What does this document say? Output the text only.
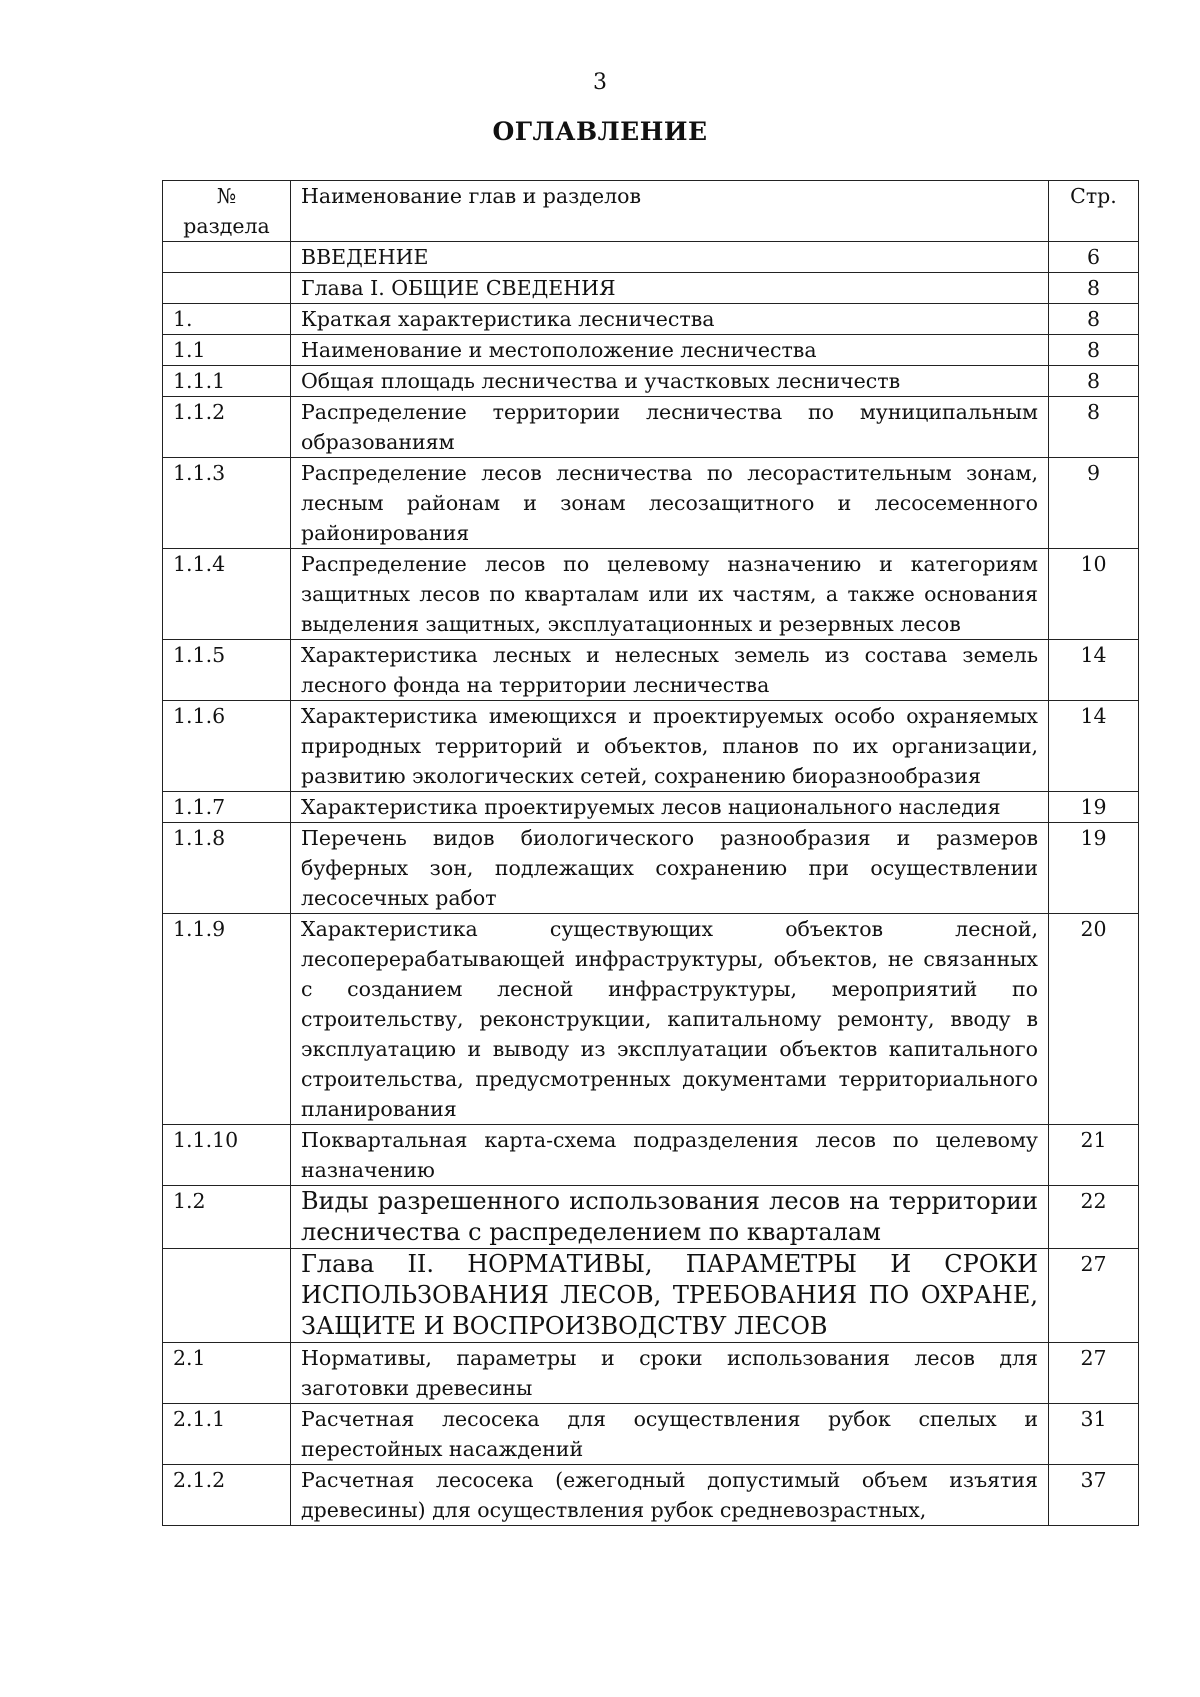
3
ОГЛАВЛЕНИЕ
№
раздела	Наименование глав и разделов	Стр.
	ВВЕДЕНИЕ	6
	Глава I. ОБЩИЕ СВЕДЕНИЯ	8
1.	Краткая характеристика лесничества	8
1.1	Наименование и местоположение лесничества	8
1.1.1	Общая площадь лесничества и участковых лесничеств	8
1.1.2	Распределение территории лесничества по муниципальным образованиям	8
1.1.3	Распределение лесов лесничества по лесорастительным зонам, лесным районам и зонам лесозащитного и лесосеменного районирования	9
1.1.4	Распределение лесов по целевому назначению и категориям защитных лесов по кварталам или их частям, а также основания выделения защитных, эксплуатационных и резервных лесов	10
1.1.5	Характеристика лесных и нелесных земель из состава земель лесного фонда на территории лесничества	14
1.1.6	Характеристика имеющихся и проектируемых особо охраняемых природных территорий и объектов, планов по их организации, развитию экологических сетей, сохранению биоразнообразия	14
1.1.7	Характеристика проектируемых лесов национального наследия	19
1.1.8	Перечень видов биологического разнообразия и размеров буферных зон, подлежащих сохранению при осуществлении лесосечных работ	19
1.1.9	Характеристика существующих объектов лесной, лесоперерабатывающей инфраструктуры, объектов, не связанных с созданием лесной инфраструктуры, мероприятий по строительству, реконструкции, капитальному ремонту, вводу в эксплуатацию и выводу из эксплуатации объектов капитального строительства, предусмотренных документами территориального планирования	20
1.1.10	Поквартальная карта-схема подразделения лесов по целевому назначению	21
1.2	Виды разрешенного использования лесов на территории лесничества с распределением по кварталам	22
	Глава II. НОРМАТИВЫ, ПАРАМЕТРЫ И СРОКИ ИСПОЛЬЗОВАНИЯ ЛЕСОВ, ТРЕБОВАНИЯ ПО ОХРАНЕ, ЗАЩИТЕ И ВОСПРОИЗВОДСТВУ ЛЕСОВ	27
2.1	Нормативы, параметры и сроки использования лесов для заготовки древесины	27
2.1.1	Расчетная лесосека для осуществления рубок спелых и перестойных насаждений	31
2.1.2	Расчетная лесосека (ежегодный допустимый объем изъятия древесины) для осуществления рубок средневозрастных,	37
